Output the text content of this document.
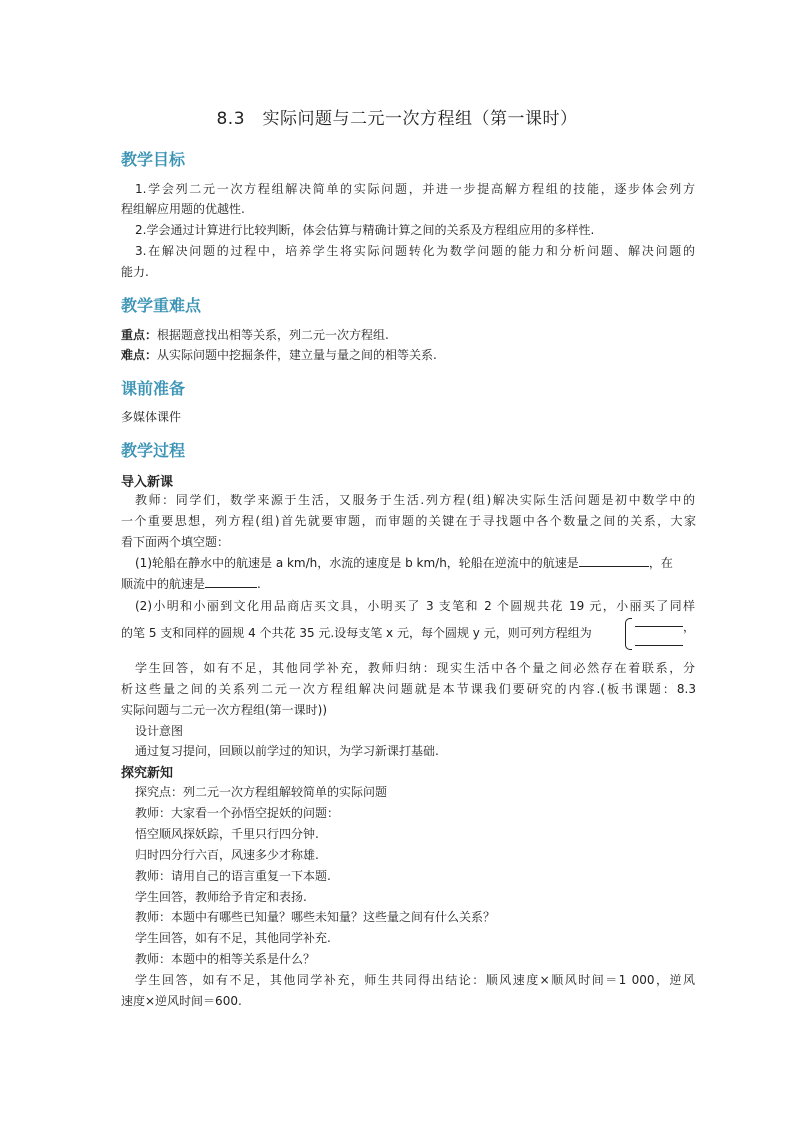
8.3　实际问题与二元一次方程组（第一课时）
教学目标
1.学会列二元一次方程组解决简单的实际问题，并进一步提高解方程组的技能，逐步体会列方
程组解应用题的优越性.
2.学会通过计算进行比较判断，体会估算与精确计算之间的关系及方程组应用的多样性.
3.在解决问题的过程中，培养学生将实际问题转化为数学问题的能力和分析问题、解决问题的
能力.
教学重难点
重点：根据题意找出相等关系，列二元一次方程组.
难点：从实际问题中挖掘条件，建立量与量之间的相等关系.
课前准备
多媒体课件
教学过程
导入新课
教师：同学们，数学来源于生活，又服务于生活.列方程(组)解决实际生活问题是初中数学中的
一个重要思想，列方程(组)首先就要审题，而审题的关键在于寻找题中各个数量之间的关系，大家
看下面两个填空题：
(1)轮船在静水中的航速是 a km/h，水流的速度是 b km/h，轮船在逆流中的航速是	，在
顺流中的航速是	.
(2)小明和小丽到文化用品商店买文具，小明买了 3 支笔和 2 个圆规共花 19 元，小丽买了同样
的笔 5 支和同样的圆规 4 个共花 35 元.设每支笔 x 元，每个圆规 y 元，则可列方程组为	，
学生回答，如有不足，其他同学补充，教师归纳：现实生活中各个量之间必然存在着联系，分
析这些量之间的关系列二元一次方程组解决问题就是本节课我们要研究的内容.(板书课题：8.3
实际问题与二元一次方程组(第一课时))
设计意图
通过复习提问，回顾以前学过的知识，为学习新课打基础.
探究新知
探究点：列二元一次方程组解较简单的实际问题
教师：大家看一个孙悟空捉妖的问题：
悟空顺风探妖踪，千里只行四分钟.
归时四分行六百，风速多少才称雄.
教师：请用自己的语言重复一下本题.
学生回答，教师给予肯定和表扬.
教师：本题中有哪些已知量？哪些未知量？这些量之间有什么关系？
学生回答，如有不足，其他同学补充.
教师：本题中的相等关系是什么？
学生回答，如有不足，其他同学补充，师生共同得出结论：顺风速度×顺风时间＝1 000，逆风
速度×逆风时间＝600.
